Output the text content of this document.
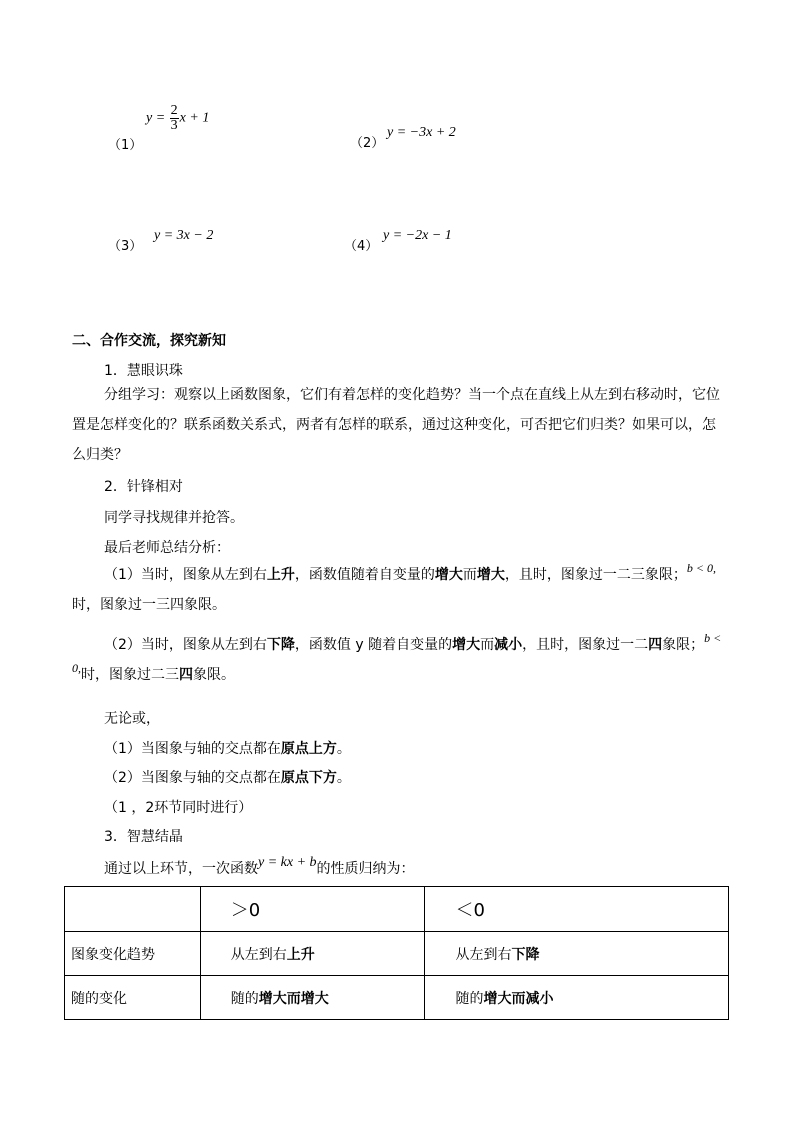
（1）
$y = \frac{2}{3}$ x + 1
（2）
y = −3x + 2
（3）
y = 3x − 2
（4）
y = −2x − 1
二、合作交流，探究新知
1．慧眼识珠
分组学习：观察以上函数图象，它们有着怎样的变化趋势？当一个点在直线上从左到右移动时，它位置是怎样变化的？联系函数关系式，两者有怎样的联系，通过这种变化，可否把它们归类？如果可以，怎么归类？
2．针锋相对
同学寻找规律并抢答。
最后老师总结分析：
（1）当时，图象从左到右上升，函数值随着自变量的增大而增大，且时，图象过一二三象限；b < 0,时，图象过一三四象限。
（2）当时，图象从左到右下降，函数值 y 随着自变量的增大而减小，且时，图象过一二四象限；b < 0,时，图象过二三四象限。
无论或，
（1）当图象与轴的交点都在原点上方。
（2）当图象与轴的交点都在原点下方。
（1 ，2环节同时进行）
3．智慧结晶
通过以上环节，一次函数y = kx + b的性质归纳为：
	＞0	＜0
图象变化趋势	从左到右上升	从左到右下降
随的变化	随的增大而增大	随的增大而减小
